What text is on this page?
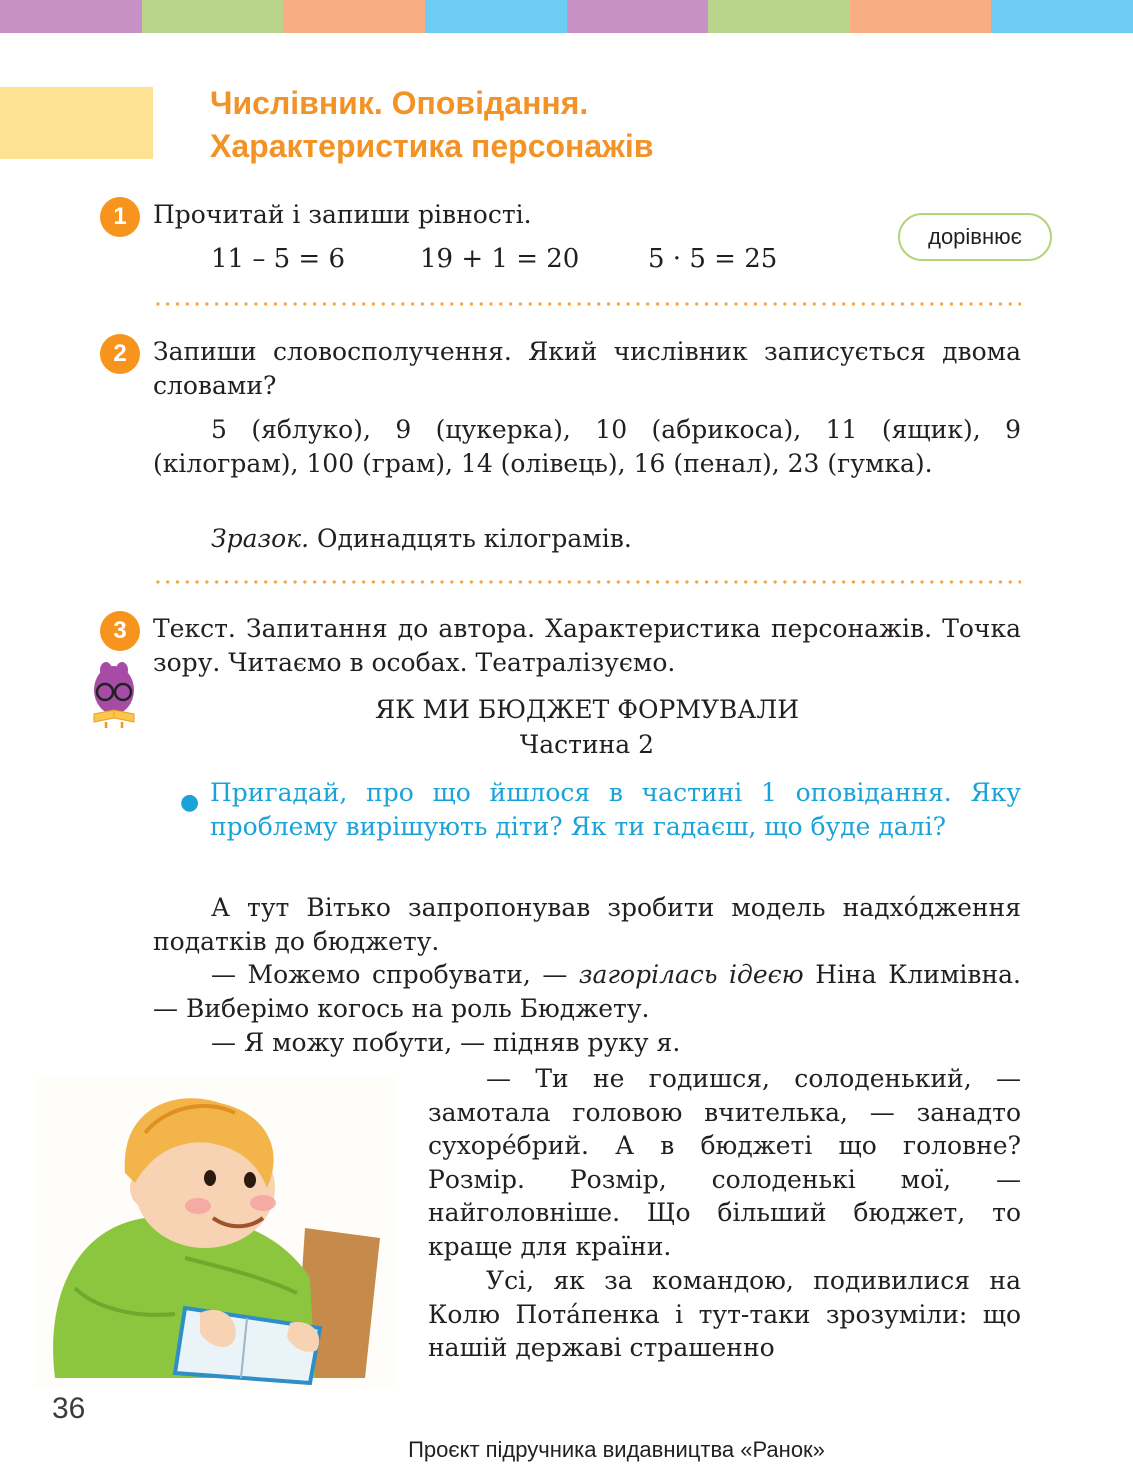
Числівник. Оповідання.
Характеристика персонажів
1	Прочитай і запиши рівності.

11 – 5 = 6	19 + 1 = 20	5 · 5 = 25
дорівнює
2	Запиши словосполучення. Який числівник записується двома словами?

5 (яблуко), 9 (цукерка), 10 (абрикоса), 11 (ящик), 9 (кілограм), 100 (грам), 14 (олівець), 16 (пенал), 23 (гумка).

Зразок. Одинадцять кілограмів.

3	Текст. Запитання до автора. Характеристика персонажів. Точка зору. Читаємо в особах. Театралізуємо.

ЯК МИ БЮДЖЕТ ФОРМУВАЛИ

Частина 2

● Пригадай, про що йшлося в частині 1 оповідання. Яку проблему вирішують діти? Як ти гадаєш, що буде далі?

А тут Вітько запропонував зробити модель надхо́дження податків до бюджету.

— Можемо спробувати, — загорілась ідеєю Ніна Климівна. — Виберімо когось на роль Бюджету.

— Я можу побути, — підняв руку я.

— Ти не годишся, солоденький, — замотала головою вчителька, — занадто сухоре́брий. А в бюджеті що головне? Розмір. Розмір, солоденькі мої, — найголовніше. Що більший бюджет, то краще для країни.

Усі, як за командою, подивилися на Колю Пота́пенка і тут-таки зрозуміли: що нашій державі страшенно

36
Проєкт підручника видавництва «Ранок»
